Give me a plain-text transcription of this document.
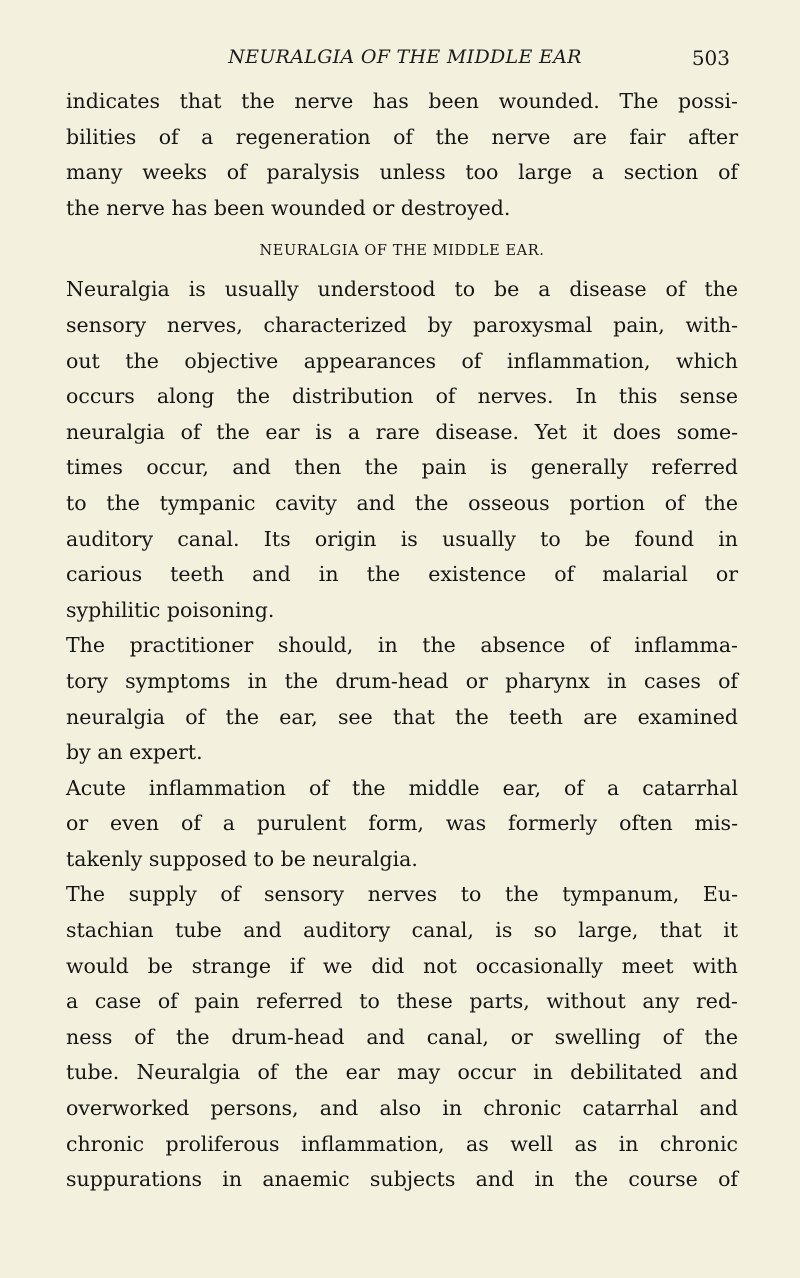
NEURALGIA OF THE MIDDLE EAR	503
indicates that the nerve has been wounded. The possi-
bilities of a regeneration of the nerve are fair after
many weeks of paralysis unless too large a section of
the nerve has been wounded or destroyed.
NEURALGIA OF THE MIDDLE EAR.
Neuralgia is usually understood to be a disease of the
sensory nerves, characterized by paroxysmal pain, with-
out the objective appearances of inflammation, which
occurs along the distribution of nerves. In this sense
neuralgia of the ear is a rare disease. Yet it does some-
times occur, and then the pain is generally referred
to the tympanic cavity and the osseous portion of the
auditory canal. Its origin is usually to be found in
carious teeth and in the existence of malarial or
syphilitic poisoning.
The practitioner should, in the absence of inflamma-
tory symptoms in the drum-head or pharynx in cases of
neuralgia of the ear, see that the teeth are examined
by an expert.
Acute inflammation of the middle ear, of a catarrhal
or even of a purulent form, was formerly often mis-
takenly supposed to be neuralgia.
The supply of sensory nerves to the tympanum, Eu-
stachian tube and auditory canal, is so large, that it
would be strange if we did not occasionally meet with
a case of pain referred to these parts, without any red-
ness of the drum-head and canal, or swelling of the
tube. Neuralgia of the ear may occur in debilitated and
overworked persons, and also in chronic catarrhal and
chronic proliferous inflammation, as well as in chronic
suppurations in anaemic subjects and in the course of
